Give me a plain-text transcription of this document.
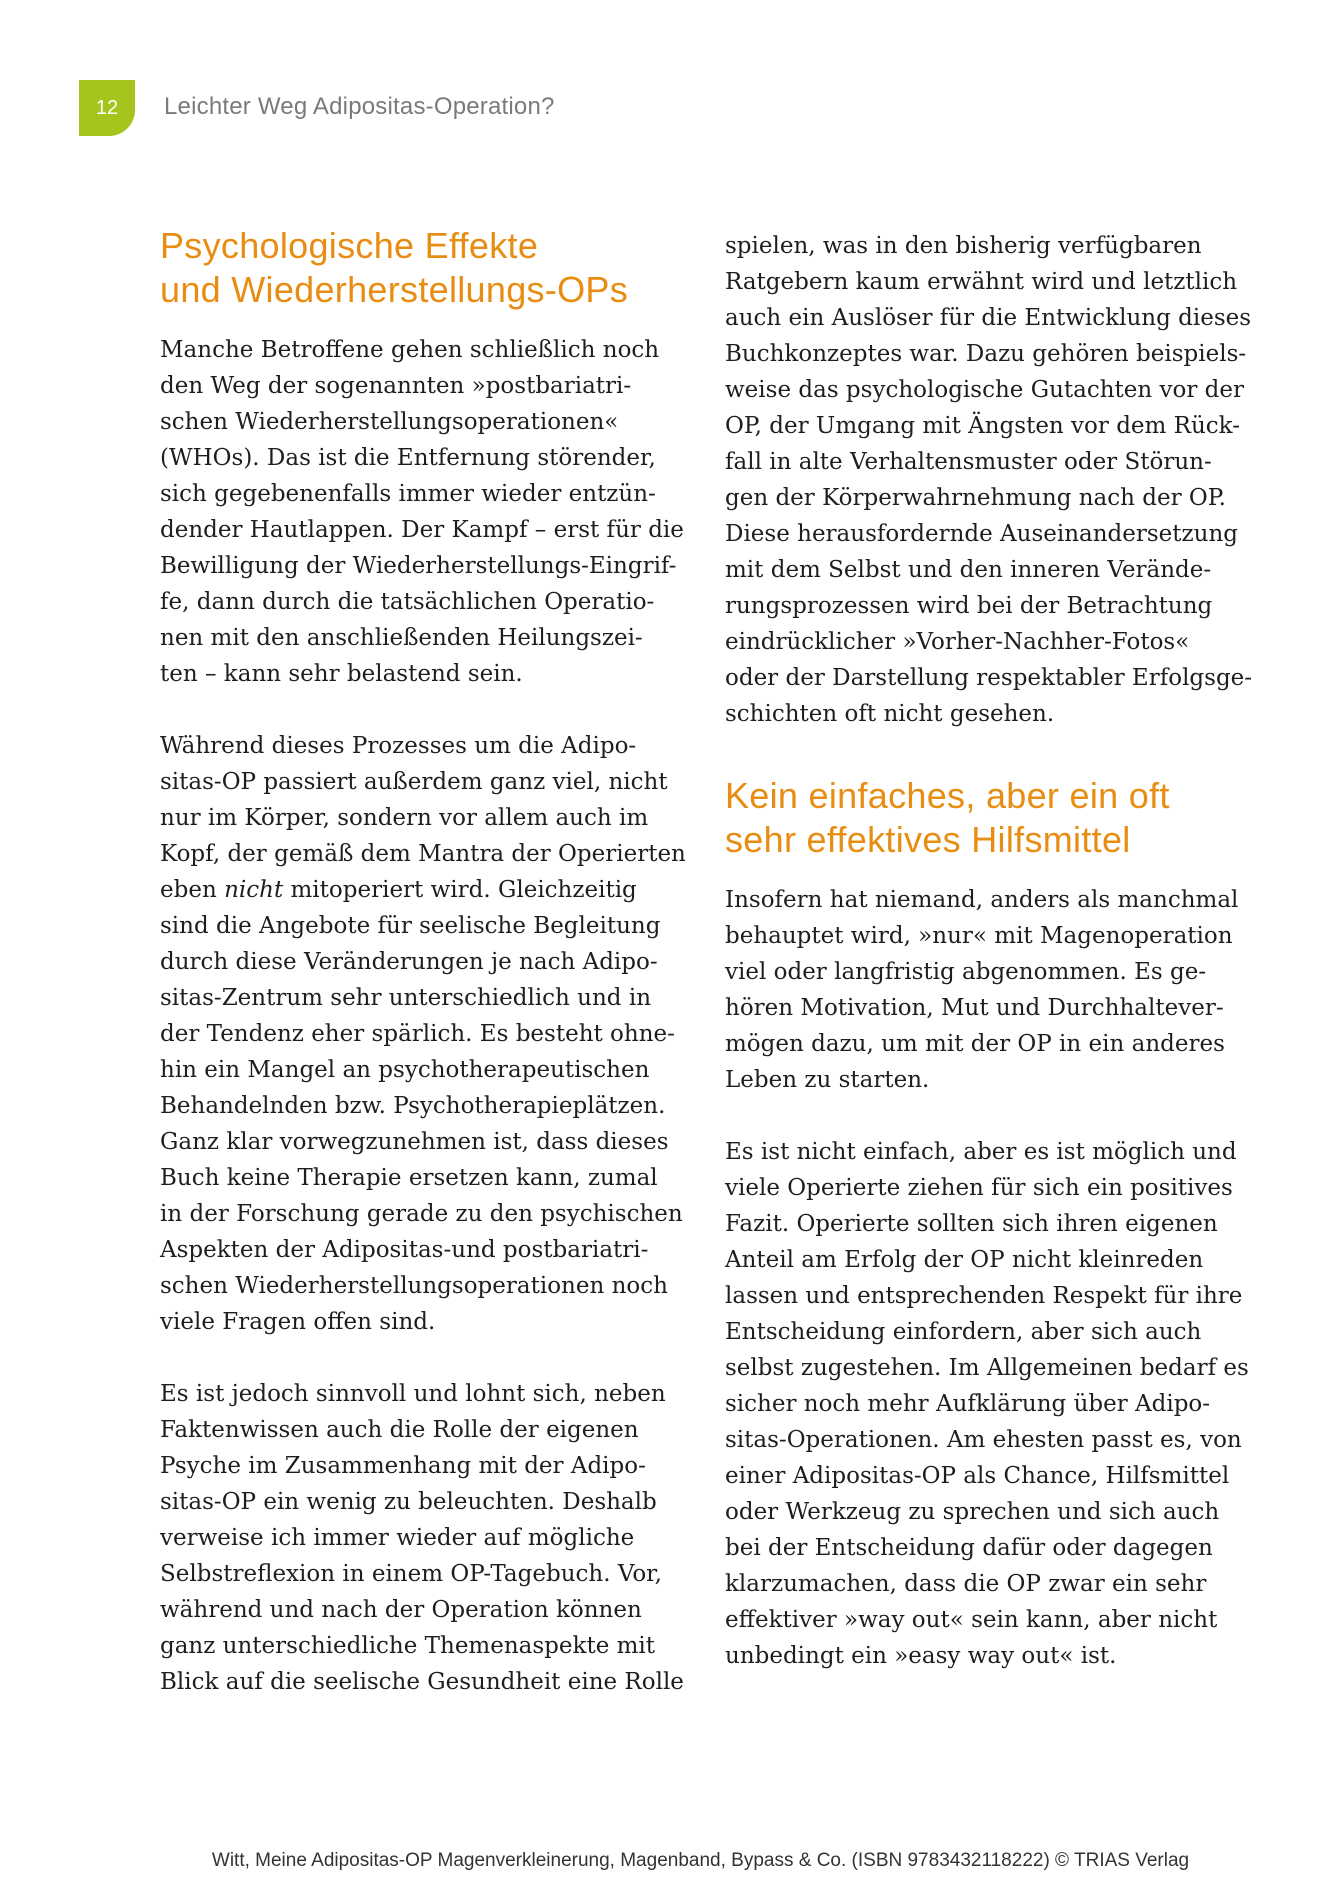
12	Leichter Weg Adipositas-Operation?
Psychologische Effekte
und Wiederherstellungs-OPs
Manche Betroffene gehen schließlich noch
den Weg der sogenannten »postbariatri-
schen Wiederherstellungsoperationen«
(WHOs). Das ist die Entfernung störender,
sich gegebenenfalls immer wieder entzün-
dender Hautlappen. Der Kampf – erst für die
Bewilligung der Wiederherstellungs-Eingrif-
fe, dann durch die tatsächlichen Operatio-
nen mit den anschließenden Heilungszei-
ten – kann sehr belastend sein.
Während dieses Prozesses um die Adipo-
sitas-OP passiert außerdem ganz viel, nicht
nur im Körper, sondern vor allem auch im
Kopf, der gemäß dem Mantra der Operierten
eben nicht mitoperiert wird. Gleichzeitig
sind die Angebote für seelische Begleitung
durch diese Veränderungen je nach Adipo-
sitas-Zentrum sehr unterschiedlich und in
der Tendenz eher spärlich. Es besteht ohne-
hin ein Mangel an psychotherapeutischen
Behandelnden bzw. Psychotherapieplätzen.
Ganz klar vorwegzunehmen ist, dass dieses
Buch keine Therapie ersetzen kann, zumal
in der Forschung gerade zu den psychischen
Aspekten der Adipositas-und postbariatri-
schen Wiederherstellungsoperationen noch
viele Fragen offen sind.
Es ist jedoch sinnvoll und lohnt sich, neben
Faktenwissen auch die Rolle der eigenen
Psyche im Zusammenhang mit der Adipo-
sitas-OP ein wenig zu beleuchten. Deshalb
verweise ich immer wieder auf mögliche
Selbstreflexion in einem OP-Tagebuch. Vor,
während und nach der Operation können
ganz unterschiedliche Themenaspekte mit
Blick auf die seelische Gesundheit eine Rolle
spielen, was in den bisherig verfügbaren
Ratgebern kaum erwähnt wird und letztlich
auch ein Auslöser für die Entwicklung dieses
Buchkonzeptes war. Dazu gehören beispiels-
weise das psychologische Gutachten vor der
OP, der Umgang mit Ängsten vor dem Rück-
fall in alte Verhaltensmuster oder Störun-
gen der Körperwahrnehmung nach der OP.
Diese herausfordernde Auseinandersetzung
mit dem Selbst und den inneren Verände-
rungsprozessen wird bei der Betrachtung
eindrücklicher »Vorher-Nachher-Fotos«
oder der Darstellung respektabler Erfolgsge-
schichten oft nicht gesehen.
Kein einfaches, aber ein oft
sehr effektives Hilfsmittel
Insofern hat niemand, anders als manchmal
behauptet wird, »nur« mit Magenoperation
viel oder langfristig abgenommen. Es ge-
hören Motivation, Mut und Durchhaltever-
mögen dazu, um mit der OP in ein anderes
Leben zu starten.
Es ist nicht einfach, aber es ist möglich und
viele Operierte ziehen für sich ein positives
Fazit. Operierte sollten sich ihren eigenen
Anteil am Erfolg der OP nicht kleinreden
lassen und entsprechenden Respekt für ihre
Entscheidung einfordern, aber sich auch
selbst zugestehen. Im Allgemeinen bedarf es
sicher noch mehr Aufklärung über Adipo-
sitas-Operationen. Am ehesten passt es, von
einer Adipositas-OP als Chance, Hilfsmittel
oder Werkzeug zu sprechen und sich auch
bei der Entscheidung dafür oder dagegen
klarzumachen, dass die OP zwar ein sehr
effektiver »way out« sein kann, aber nicht
unbedingt ein »easy way out« ist.
Witt, Meine Adipositas-OP Magenverkleinerung, Magenband, Bypass & Co. (ISBN 9783432118222) © TRIAS Verlag
